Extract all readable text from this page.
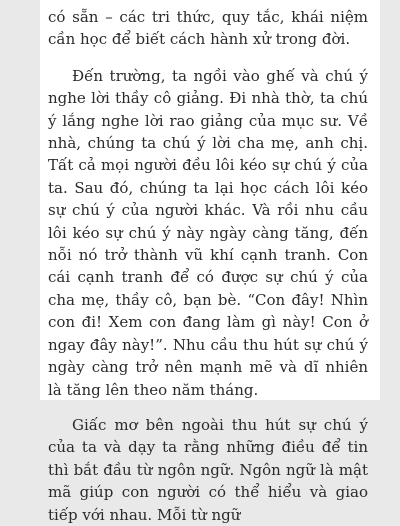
có sẵn – các tri thức, quy tắc, khái niệm cần học để biết cách hành xử trong đời.

Đến trường, ta ngồi vào ghế và chú ý nghe lời thầy cô giảng. Đi nhà thờ, ta chú ý lắng nghe lời rao giảng của mục sư. Về nhà, chúng ta chú ý lời cha mẹ, anh chị. Tất cả mọi người đều lôi kéo sự chú ý của ta. Sau đó, chúng ta lại học cách lôi kéo sự chú ý của người khác. Và rồi nhu cầu lôi kéo sự chú ý này ngày càng tăng, đến nỗi nó trở thành vũ khí cạnh tranh. Con cái cạnh tranh để có được sự chú ý của cha mẹ, thầy cô, bạn bè. “Con đây! Nhìn con đi! Xem con đang làm gì này! Con ở ngay đây này!”. Nhu cầu thu hút sự chú ý ngày càng trở nên mạnh mẽ và dĩ nhiên là tăng lên theo năm tháng.

Giấc mơ bên ngoài thu hút sự chú ý của ta và dạy ta rằng những điều để tin thì bắt đầu từ ngôn ngữ. Ngôn ngữ là mật mã giúp con người có thể hiểu và giao tiếp với nhau. Mỗi từ ngữ
